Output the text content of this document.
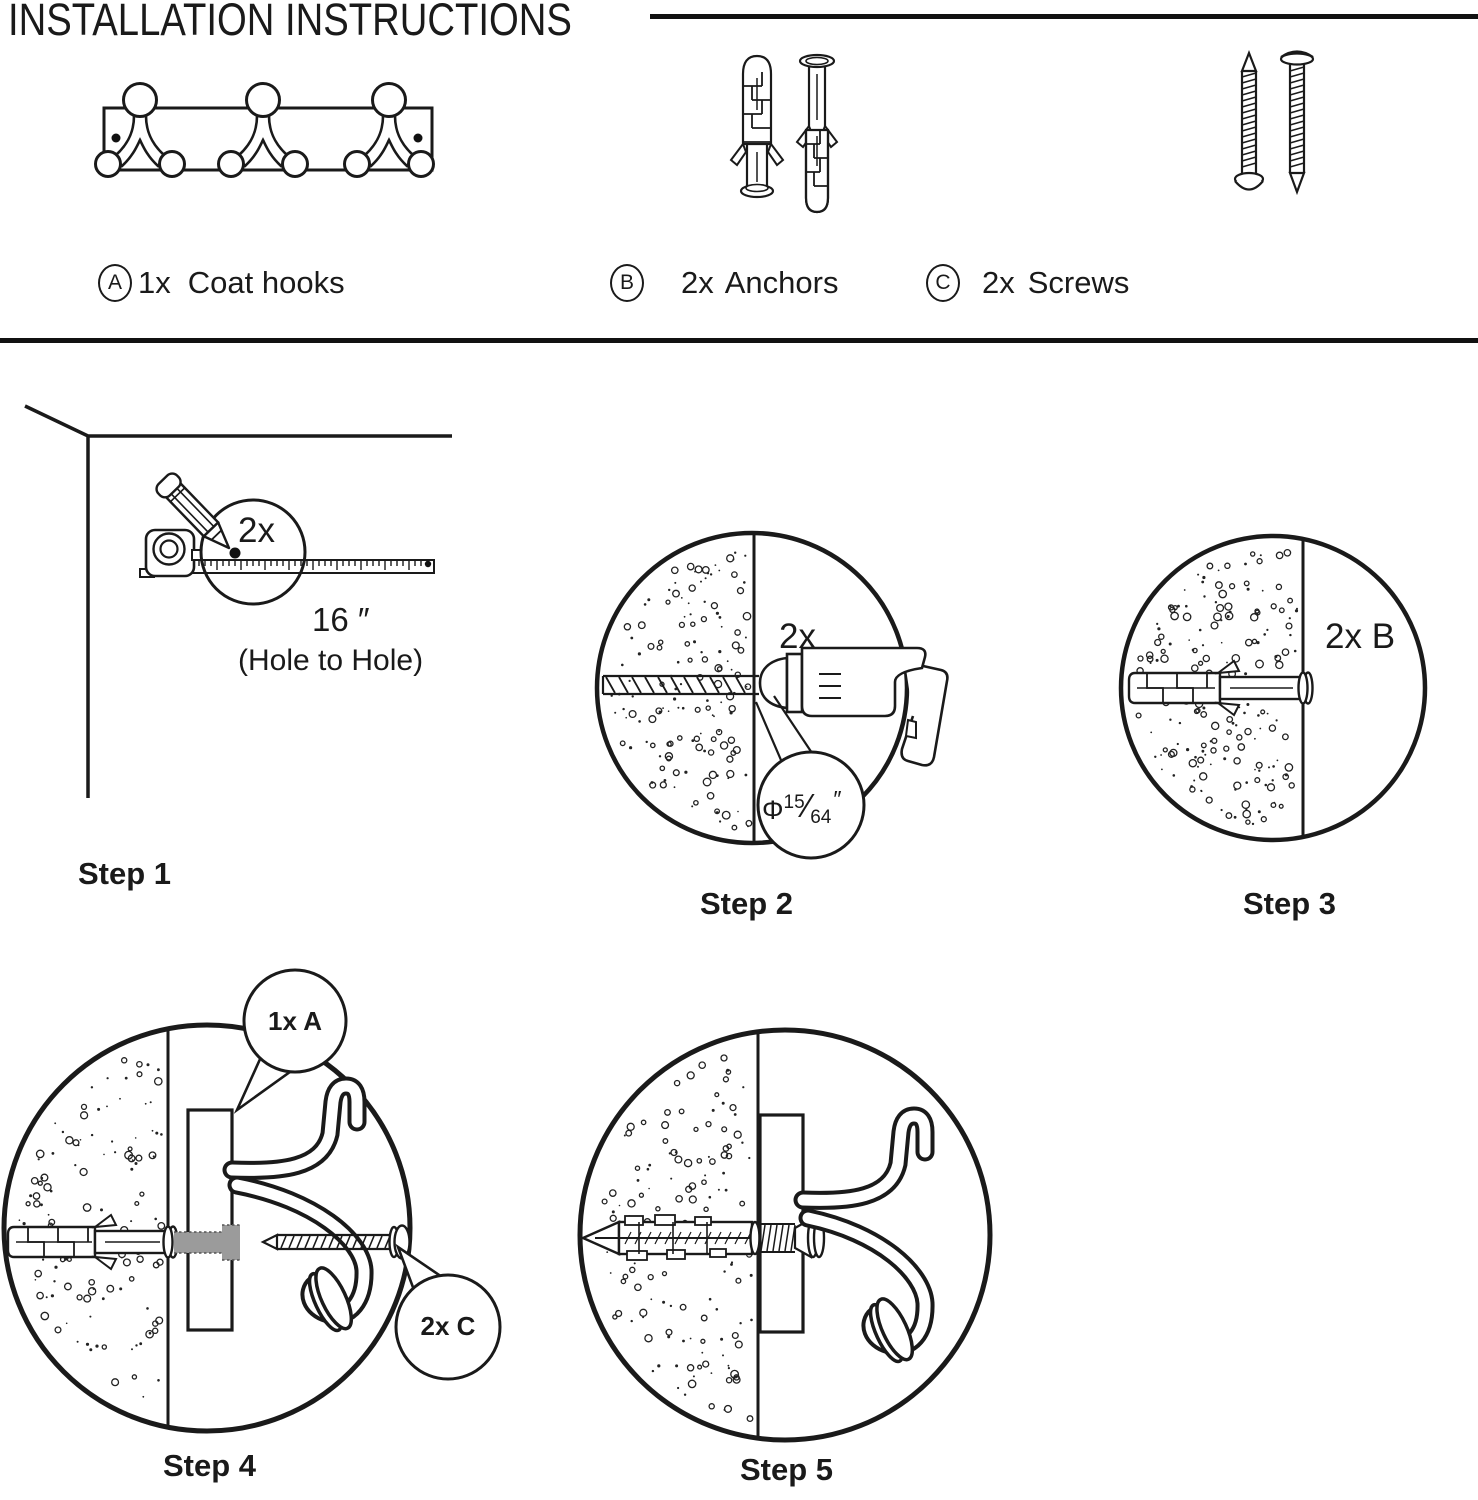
INSTALLATION INSTRUCTIONS
A 1x Coat hooks	B	2x Anchors	C	2x Screws
2x
16 ″
(Hole to Hole)
Step 1
2x
$\Phi^{15}⁄_{64}''$
Step 2
2x B
Step 3
1x A
2x C
Step 4	Step 5
